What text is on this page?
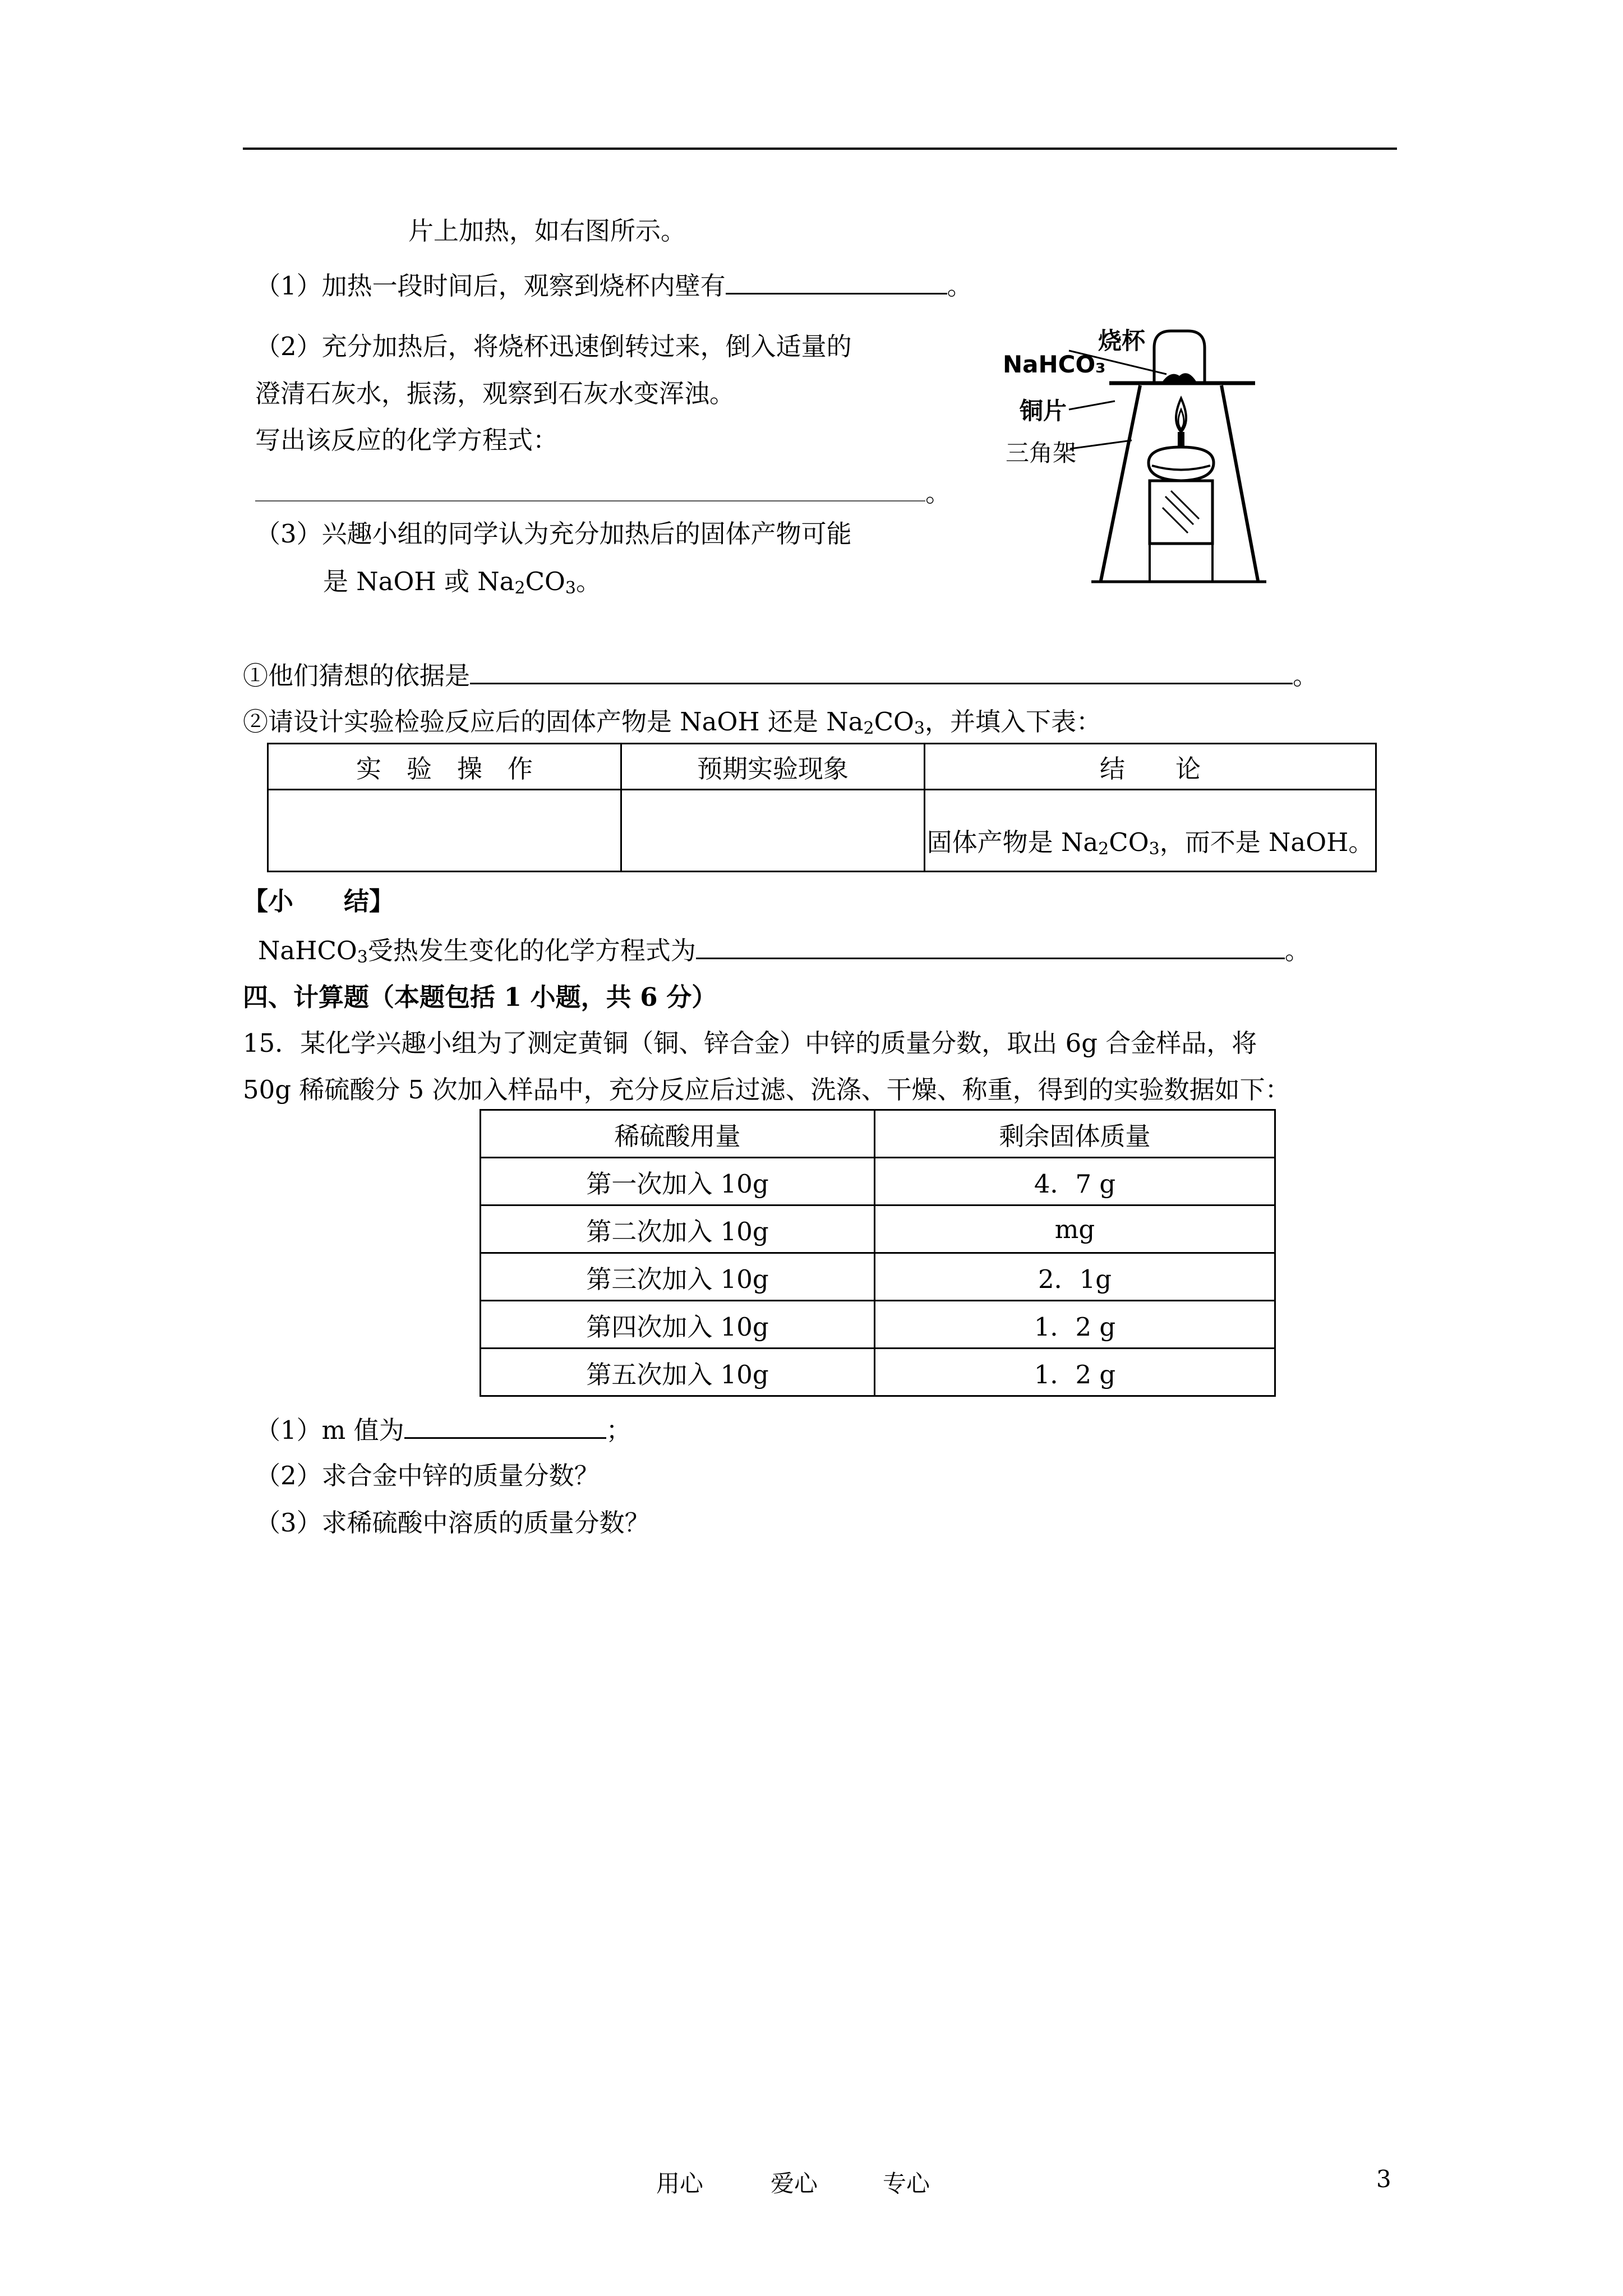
片上加热，如右图所示。
（1）加热一段时间后，观察到烧杯内壁有	。
（2）充分加热后，将烧杯迅速倒转过来，倒入适量的
澄清石灰水，振荡，观察到石灰水变浑浊。
写出该反应的化学方程式：
。
（3）兴趣小组的同学认为充分加热后的固体产物可能
是 NaOH 或 $Na_2CO_3$。
烧杯
NaHCO₃
铜片
三角架
①他们猜想的依据是	。
②请设计实验检验反应后的固体产物是 NaOH 还是 $Na_2CO_3$，并填入下表：
实　验　操　作	预期实验现象	结　　论
		固体产物是 $Na_2CO_3$，而不是 NaOH。
【小　　结】
NaHCO$_3$受热发生变化的化学方程式为	。
四、计算题（本题包括 1 小题，共 6 分）
15．某化学兴趣小组为了测定黄铜（铜、锌合金）中锌的质量分数，取出 6g 合金样品，将
50g 稀硫酸分 5 次加入样品中，充分反应后过滤、洗涤、干燥、称重，得到的实验数据如下：
稀硫酸用量	剩余固体质量
第一次加入 10g	4．7 g
第二次加入 10g	mg
第三次加入 10g	2．1g
第四次加入 10g	1．2 g
第五次加入 10g	1．2 g
（1）m 值为	；
（2）求合金中锌的质量分数？
（3）求稀硫酸中溶质的质量分数？
用心	爱心	专心	3
